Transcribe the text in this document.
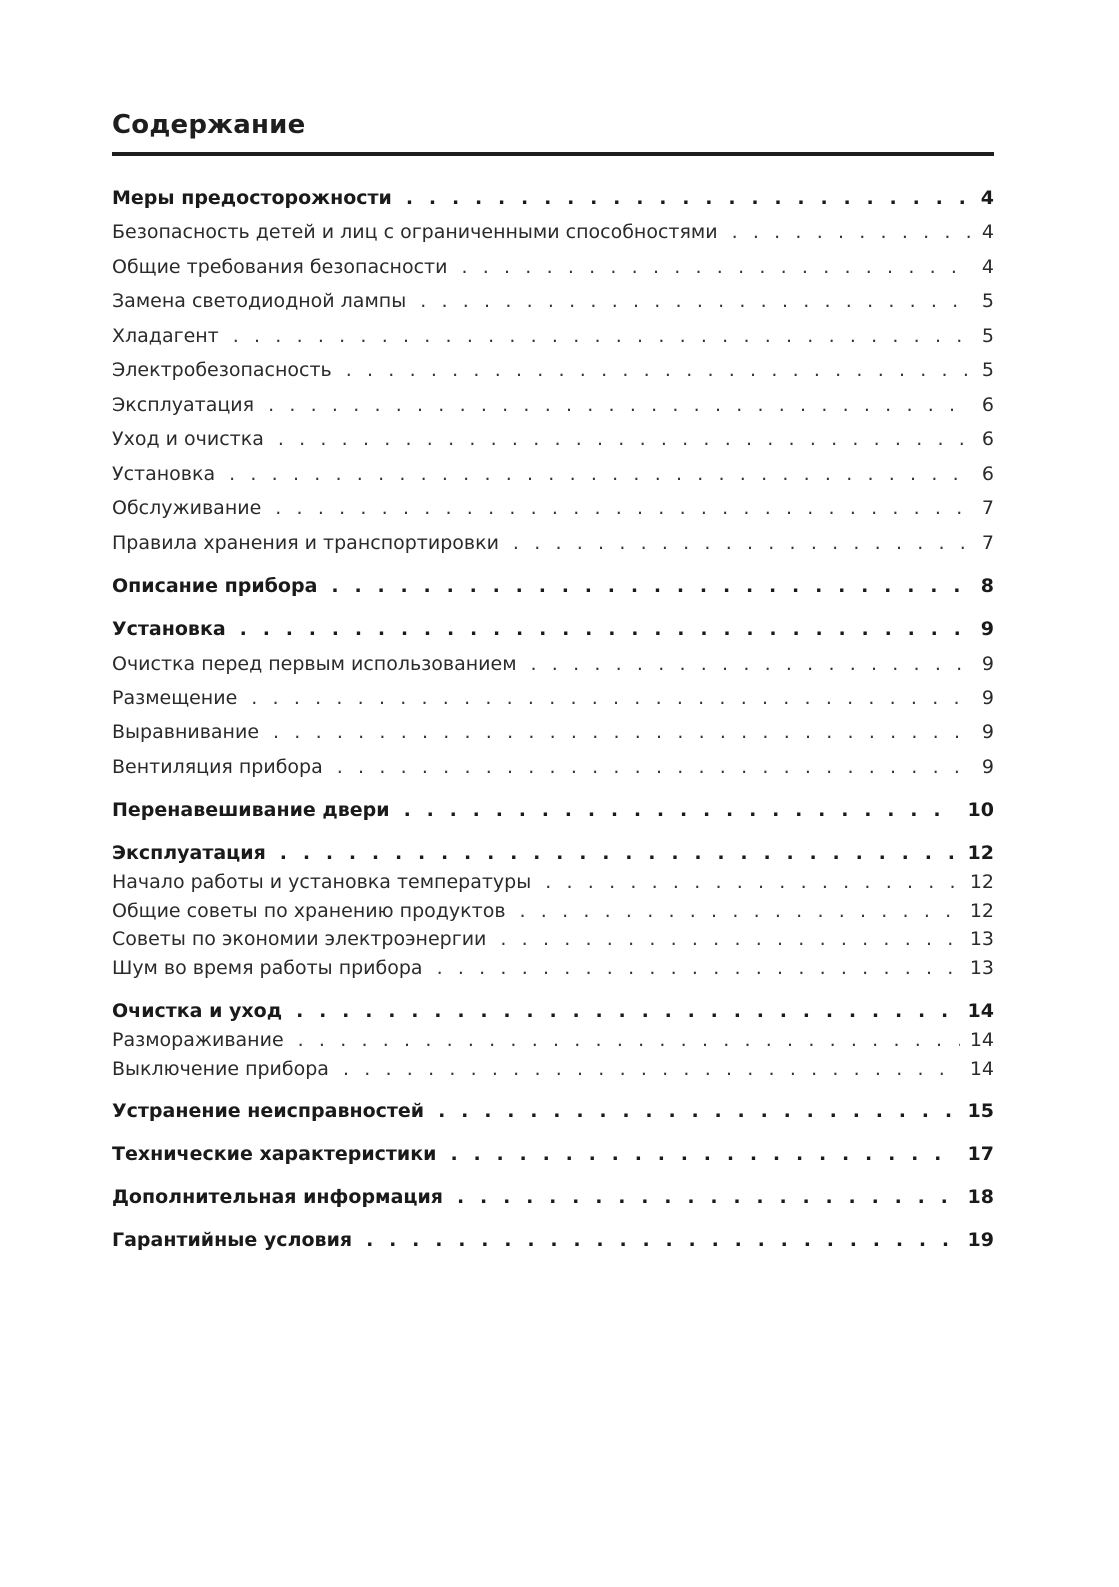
Содержание
Меры предосторожности . . .	4
Безопасность детей и лиц с ограниченными способностями . . .	4
Общие требования безопасности . . .	4
Замена светодиодной лампы . . .	5
Хладагент . . .	5
Электробезопасность . . .	5
Эксплуатация . . .	6
Уход и очистка . . .	6
Установка . . .	6
Обслуживание . . .	7
Правила хранения и транспортировки . . .	7
Описание прибора . . .	8
Установка . . .	9
Очистка перед первым использованием . . .	9
Размещение . . .	9
Выравнивание . . .	9
Вентиляция прибора . . .	9
Перенавешивание двери . . .	10
Эксплуатация . . .	12
Начало работы и установка температуры . . .	12
Общие советы по хранению продуктов . . .	12
Советы по экономии электроэнергии . . .	13
Шум во время работы прибора . . .	13
Очистка и уход . . .	14
Размораживание . . .	14
Выключение прибора . . .	14
Устранение неисправностей . . .	15
Технические характеристики . . .	17
Дополнительная информация . . .	18
Гарантийные условия . . .	19
